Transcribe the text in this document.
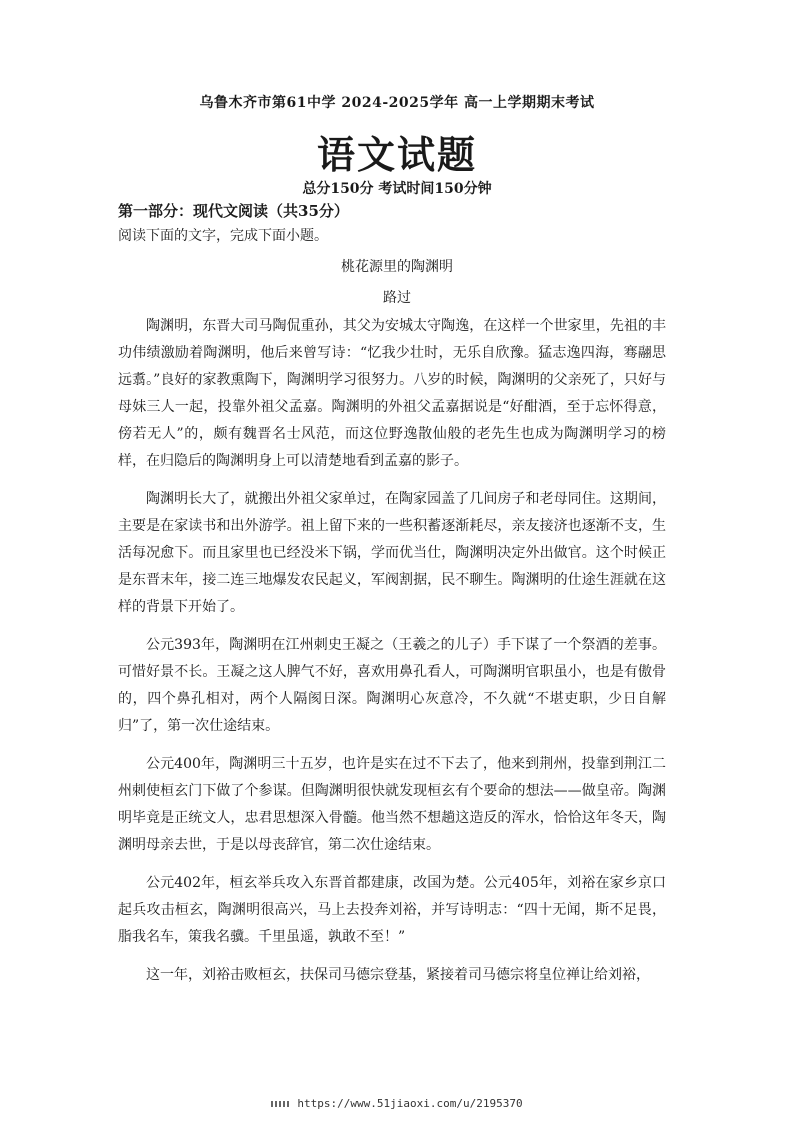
乌鲁木齐市第61中学 2024-2025学年 高一上学期期末考试
语文试题
总分150分 考试时间150分钟
第一部分：现代文阅读（共35分）
阅读下面的文字，完成下面小题。
桃花源里的陶渊明
路过

陶渊明，东晋大司马陶侃重孙，其父为安城太守陶逸，在这样一个世家里，先祖的丰功伟绩激励着陶渊明，他后来曾写诗：“忆我少壮时，无乐自欣豫。猛志逸四海，骞翮思远翥。”良好的家教熏陶下，陶渊明学习很努力。八岁的时候，陶渊明的父亲死了，只好与母妹三人一起，投靠外祖父孟嘉。陶渊明的外祖父孟嘉据说是“好酣酒，至于忘怀得意，傍若无人”的，颇有魏晋名士风范，而这位野逸散仙般的老先生也成为陶渊明学习的榜样，在归隐后的陶渊明身上可以清楚地看到孟嘉的影子。

陶渊明长大了，就搬出外祖父家单过，在陶家园盖了几间房子和老母同住。这期间，主要是在家读书和出外游学。祖上留下来的一些积蓄逐渐耗尽，亲友接济也逐渐不支，生活每况愈下。而且家里也已经没米下锅，学而优当仕，陶渊明决定外出做官。这个时候正是东晋末年，接二连三地爆发农民起义，军阀割据，民不聊生。陶渊明的仕途生涯就在这样的背景下开始了。

公元393年，陶渊明在江州刺史王凝之（王羲之的儿子）手下谋了一个祭酒的差事。可惜好景不长。王凝之这人脾气不好，喜欢用鼻孔看人，可陶渊明官职虽小，也是有傲骨的，四个鼻孔相对，两个人隔阂日深。陶渊明心灰意冷，不久就“不堪吏职，少日自解归”了，第一次仕途结束。

公元400年，陶渊明三十五岁，也许是实在过不下去了，他来到荆州，投靠到荆江二州刺使桓玄门下做了个参谋。但陶渊明很快就发现桓玄有个要命的想法——做皇帝。陶渊明毕竟是正统文人，忠君思想深入骨髓。他当然不想趟这造反的浑水，恰恰这年冬天，陶渊明母亲去世，于是以母丧辞官，第二次仕途结束。

公元402年，桓玄举兵攻入东晋首都建康，改国为楚。公元405年，刘裕在家乡京口起兵攻击桓玄，陶渊明很高兴，马上去投奔刘裕，并写诗明志：“四十无闻，斯不足畏，脂我名车，策我名骥。千里虽遥，孰敢不至！”

这一年，刘裕击败桓玄，扶保司马德宗登基，紧接着司马德宗将皇位禅让给刘裕，

https://www.51jiaoxi.com/u/2195370
